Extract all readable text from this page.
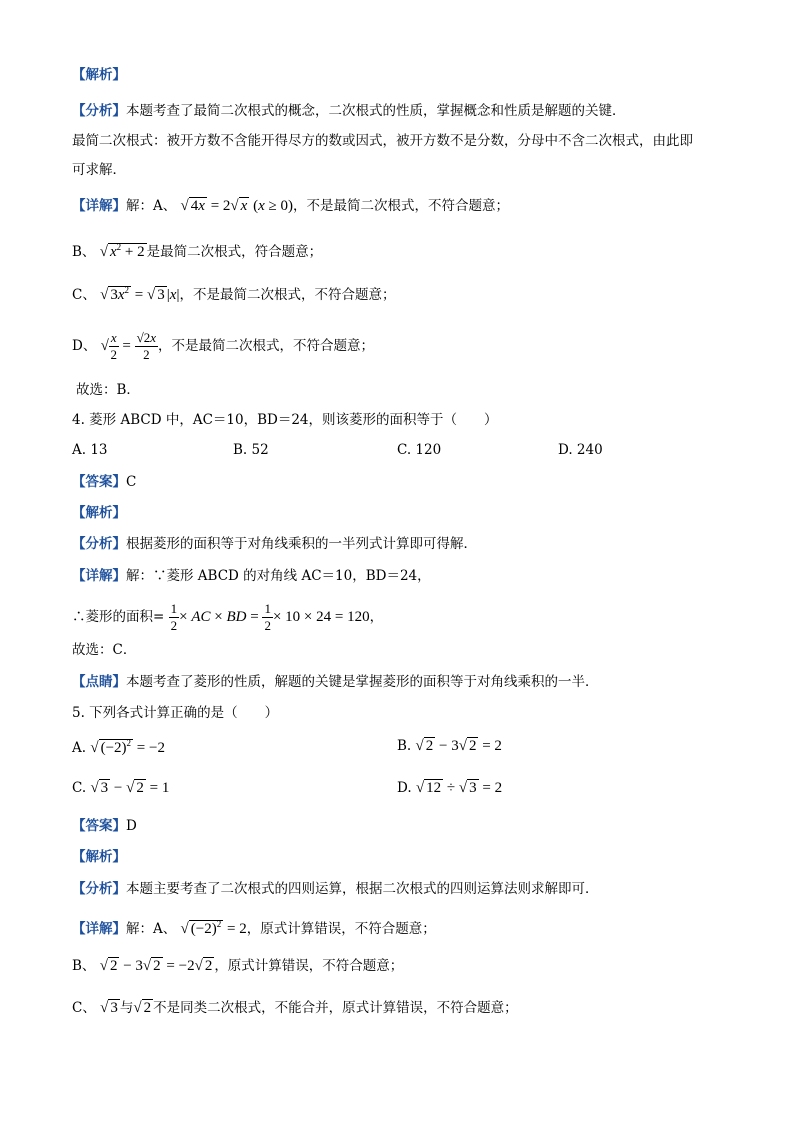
【解析】
【分析】本题考查了最简二次根式的概念，二次根式的性质，掌握概念和性质是解题的关键．
最简二次根式：被开方数不含能开得尽方的数或因式，被开方数不是分数，分母中不含二次根式，由此即
可求解．
【详解】解：A、 √ 4x = 2√ x (x ≥ 0)，不是最简二次根式，不符合题意；
B、 √ $x^2 + 2$ 是最简二次根式，符合题意；
C、 √ $3x^2$ = √ 3 |x|，不是最简二次根式，不符合题意；
D、 √ $\frac{x}{2} = \frac{√2x}{2}$ ，不是最简二次根式，不符合题意；
故选：B．
4. 菱形 ABCD 中，AC＝10，BD＝24，则该菱形的面积等于（　　）
A. 13	B. 52	C. 120	D. 240
【答案】C
【解析】
【分析】根据菱形的面积等于对角线乘积的一半列式计算即可得解．
【详解】解：∵菱形 ABCD 的对角线 AC＝10，BD＝24，
∴菱形的面积= $\frac{1}{2}$ × AC × BD = $\frac{1}{2} \times 10 \times 24 = 120$，
故选：C．
【点睛】本题考查了菱形的性质，解题的关键是掌握菱形的面积等于对角线乘积的一半．
5. 下列各式计算正确的是（　　）
A. √ $(-2)^2 = -2$	B. √ 2 − 3√ 2 = 2
C. √ 3 − √ 2 = 1	D. √ 12 ÷ √ 3 = 2
【答案】D
【解析】
【分析】本题主要考查了二次根式的四则运算，根据二次根式的四则运算法则求解即可．
【详解】解：A、 √ $(-2)^2 = 2$，原式计算错误，不符合题意；
B、 √ 2 − 3√ 2 = −2√ 2 ，原式计算错误，不符合题意；
C、 √ 3 与√ 2 不是同类二次根式，不能合并，原式计算错误，不符合题意；
